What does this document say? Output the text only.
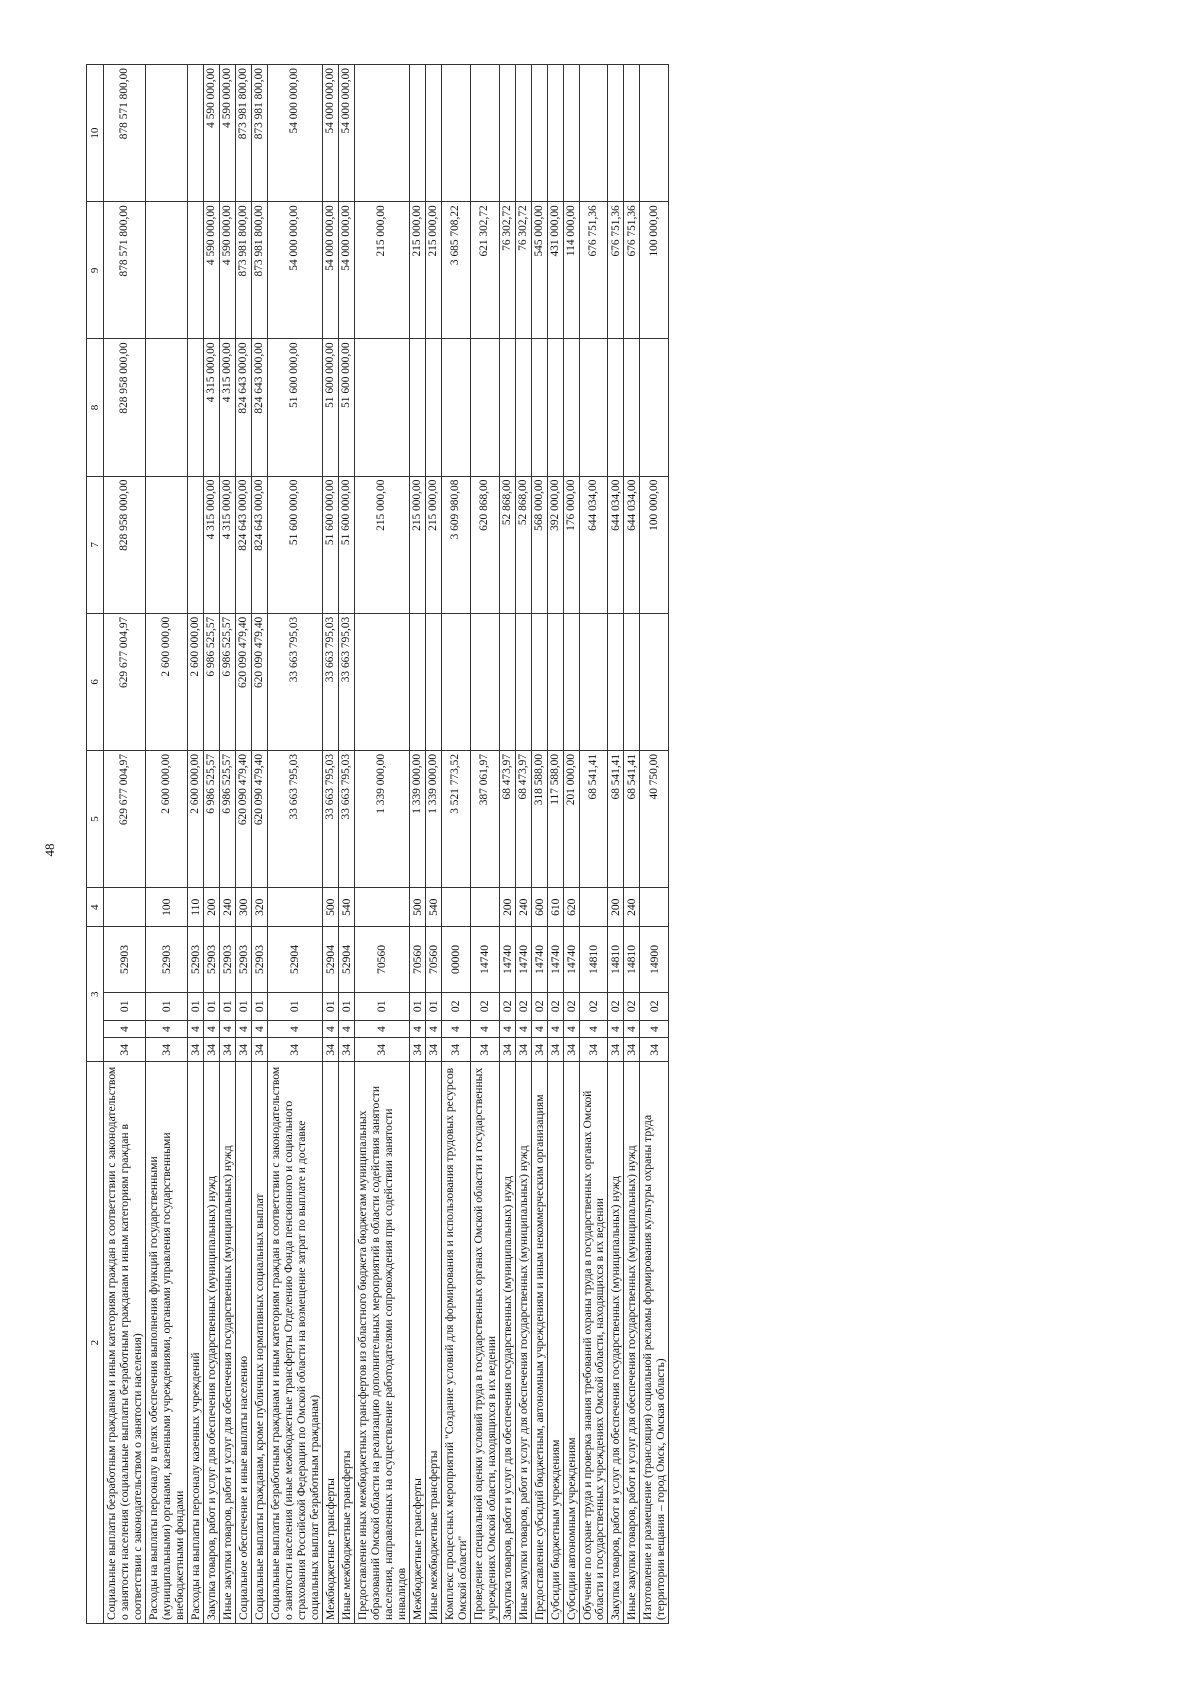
48
2	3				4	5	6	7	8	9	10
Социальные выплаты безработным гражданам и иным категориям граждан в соответствии с законодательством о занятости населения (социальные выплаты безработным гражданам и иным категориям граждан в соответствии с законодательством о занятости населения)	34	4	01	52903		629 677 004,97	629 677 004,97	828 958 000,00	828 958 000,00	878 571 800,00	878 571 800,00
Расходы на выплаты персоналу в целях обеспечения выполнения функций государственными (муниципальными) органами, казенными учреждениями, органами управления государственными внебюджетными фондами	34	4	01	52903	100	2 600 000,00	2 600 000,00				
Расходы на выплаты персоналу казенных учреждений	34	4	01	52903	110	2 600 000,00	2 600 000,00				
Закупка товаров, работ и услуг для обеспечения государственных (муниципальных) нужд	34	4	01	52903	200	6 986 525,57	6 986 525,57	4 315 000,00	4 315 000,00	4 590 000,00	4 590 000,00
Иные закупки товаров, работ и услуг для обеспечения государственных (муниципальных) нужд	34	4	01	52903	240	6 986 525,57	6 986 525,57	4 315 000,00	4 315 000,00	4 590 000,00	4 590 000,00
Социальное обеспечение и иные выплаты населению	34	4	01	52903	300	620 090 479,40	620 090 479,40	824 643 000,00	824 643 000,00	873 981 800,00	873 981 800,00
Социальные выплаты гражданам, кроме публичных нормативных социальных выплат	34	4	01	52903	320	620 090 479,40	620 090 479,40	824 643 000,00	824 643 000,00	873 981 800,00	873 981 800,00
Социальные выплаты безработным гражданам и иным категориям граждан в соответствии с законодательством о занятости населения (иные межбюджетные трансферты Отделению Фонда пенсионного и социального страхования Российской Федерации по Омской области на возмещение затрат по выплате и доставке социальных выплат безработным гражданам)	34	4	01	52904		33 663 795,03	33 663 795,03	51 600 000,00	51 600 000,00	54 000 000,00	54 000 000,00
Межбюджетные трансферты	34	4	01	52904	500	33 663 795,03	33 663 795,03	51 600 000,00	51 600 000,00	54 000 000,00	54 000 000,00
Иные межбюджетные трансферты	34	4	01	52904	540	33 663 795,03	33 663 795,03	51 600 000,00	51 600 000,00	54 000 000,00	54 000 000,00
Предоставление иных межбюджетных трансфертов из областного бюджета бюджетам муниципальных образований Омской области на реализацию дополнительных мероприятий в области содействия занятости населения, направленных на осуществление работодателями сопровождения при содействии занятости инвалидов	34	4	01	70560		1 339 000,00		215 000,00		215 000,00	
Межбюджетные трансферты	34	4	01	70560	500	1 339 000,00		215 000,00		215 000,00	
Иные межбюджетные трансферты	34	4	01	70560	540	1 339 000,00		215 000,00		215 000,00	
Комплекс процессных мероприятий "Создание условий для формирования и использования трудовых ресурсов Омской области"	34	4	02	00000		3 521 773,52		3 609 980,08		3 685 708,22	
Проведение специальной оценки условий труда в государственных органах Омской области и государственных учреждениях Омской области, находящихся в их ведении	34	4	02	14740		387 061,97		620 868,00		621 302,72	
Закупка товаров, работ и услуг для обеспечения государственных (муниципальных) нужд	34	4	02	14740	200	68 473,97		52 868,00		76 302,72	
Иные закупки товаров, работ и услуг для обеспечения государственных (муниципальных) нужд	34	4	02	14740	240	68 473,97		52 868,00		76 302,72	
Предоставление субсидий бюджетным, автономным учреждениям и иным некоммерческим организациям	34	4	02	14740	600	318 588,00		568 000,00		545 000,00	
Субсидии бюджетным учреждениям	34	4	02	14740	610	117 588,00		392 000,00		431 000,00	
Субсидии автономным учреждениям	34	4	02	14740	620	201 000,00		176 000,00		114 000,00	
Обучение по охране труда и проверка знания требований охраны труда в государственных органах Омской области и государственных учреждениях Омской области, находящихся в их ведении	34	4	02	14810		68 541,41		644 034,00		676 751,36	
Закупка товаров, работ и услуг для обеспечения государственных (муниципальных) нужд	34	4	02	14810	200	68 541,41		644 034,00		676 751,36	
Иные закупки товаров, работ и услуг для обеспечения государственных (муниципальных) нужд	34	4	02	14810	240	68 541,41		644 034,00		676 751,36	
Изготовление и размещение (трансляция) социальной рекламы формирования культуры охраны труда (территории вещания – город Омск, Омская область)	34	4	02	14900		40 750,00		100 000,00		100 000,00	
